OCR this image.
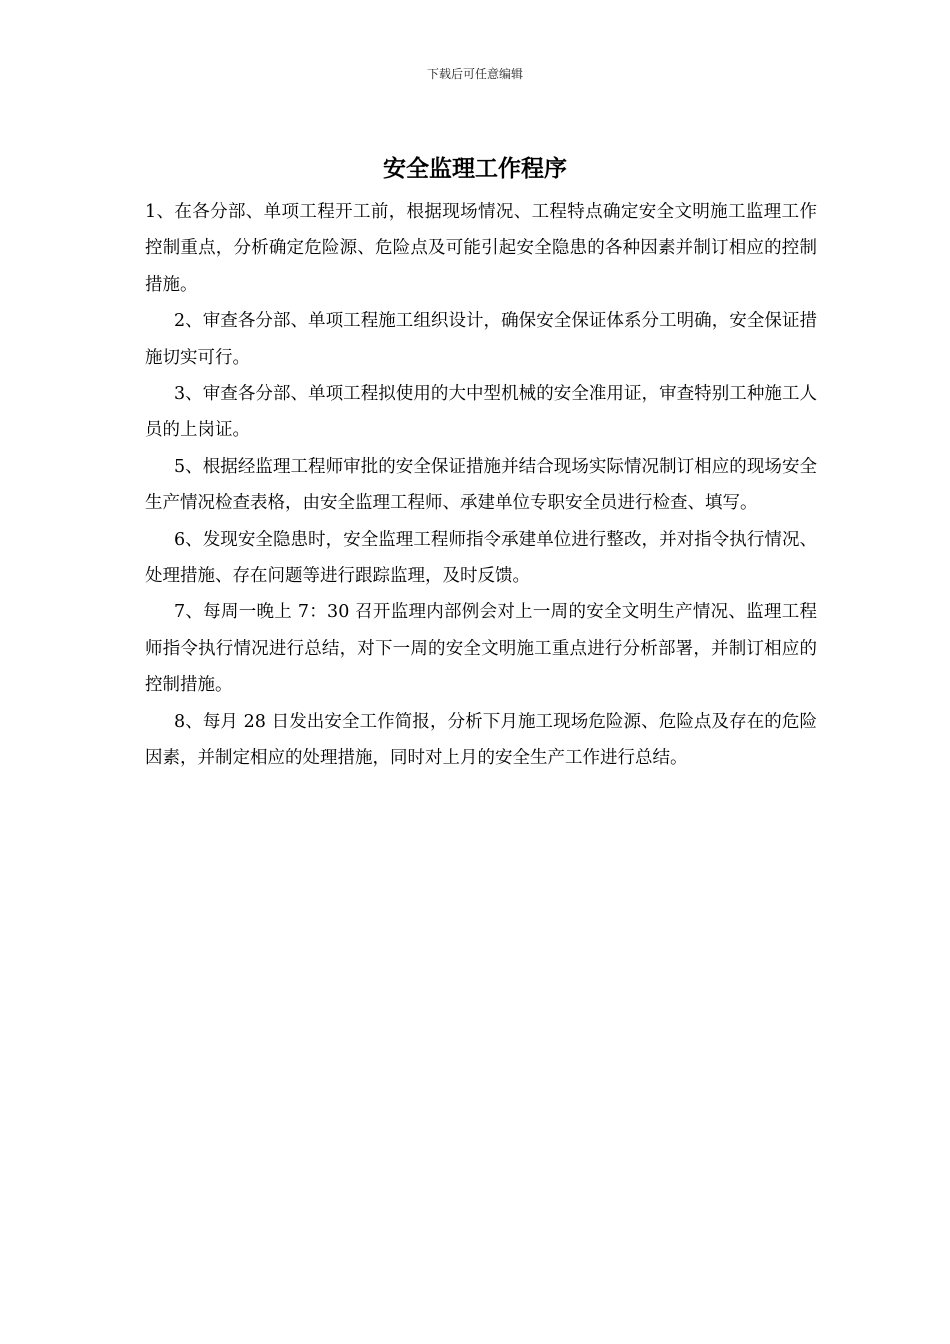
下载后可任意编辑
安全监理工作程序

1、在各分部、单项工程开工前，根据现场情况、工程特点确定安全文明施工监理工作控制重点，分析确定危险源、危险点及可能引起安全隐患的各种因素并制订相应的控制措施。

2、审查各分部、单项工程施工组织设计，确保安全保证体系分工明确，安全保证措施切实可行。

3、审查各分部、单项工程拟使用的大中型机械的安全准用证，审查特别工种施工人员的上岗证。

5、根据经监理工程师审批的安全保证措施并结合现场实际情况制订相应的现场安全生产情况检查表格，由安全监理工程师、承建单位专职安全员进行检查、填写。

6、发现安全隐患时，安全监理工程师指令承建单位进行整改，并对指令执行情况、处理措施、存在问题等进行跟踪监理，及时反馈。

7、每周一晚上 7：30 召开监理内部例会对上一周的安全文明生产情况、监理工程师指令执行情况进行总结，对下一周的安全文明施工重点进行分析部署，并制订相应的控制措施。

8、每月 28 日发出安全工作简报，分析下月施工现场危险源、危险点及存在的危险因素，并制定相应的处理措施，同时对上月的安全生产工作进行总结。
